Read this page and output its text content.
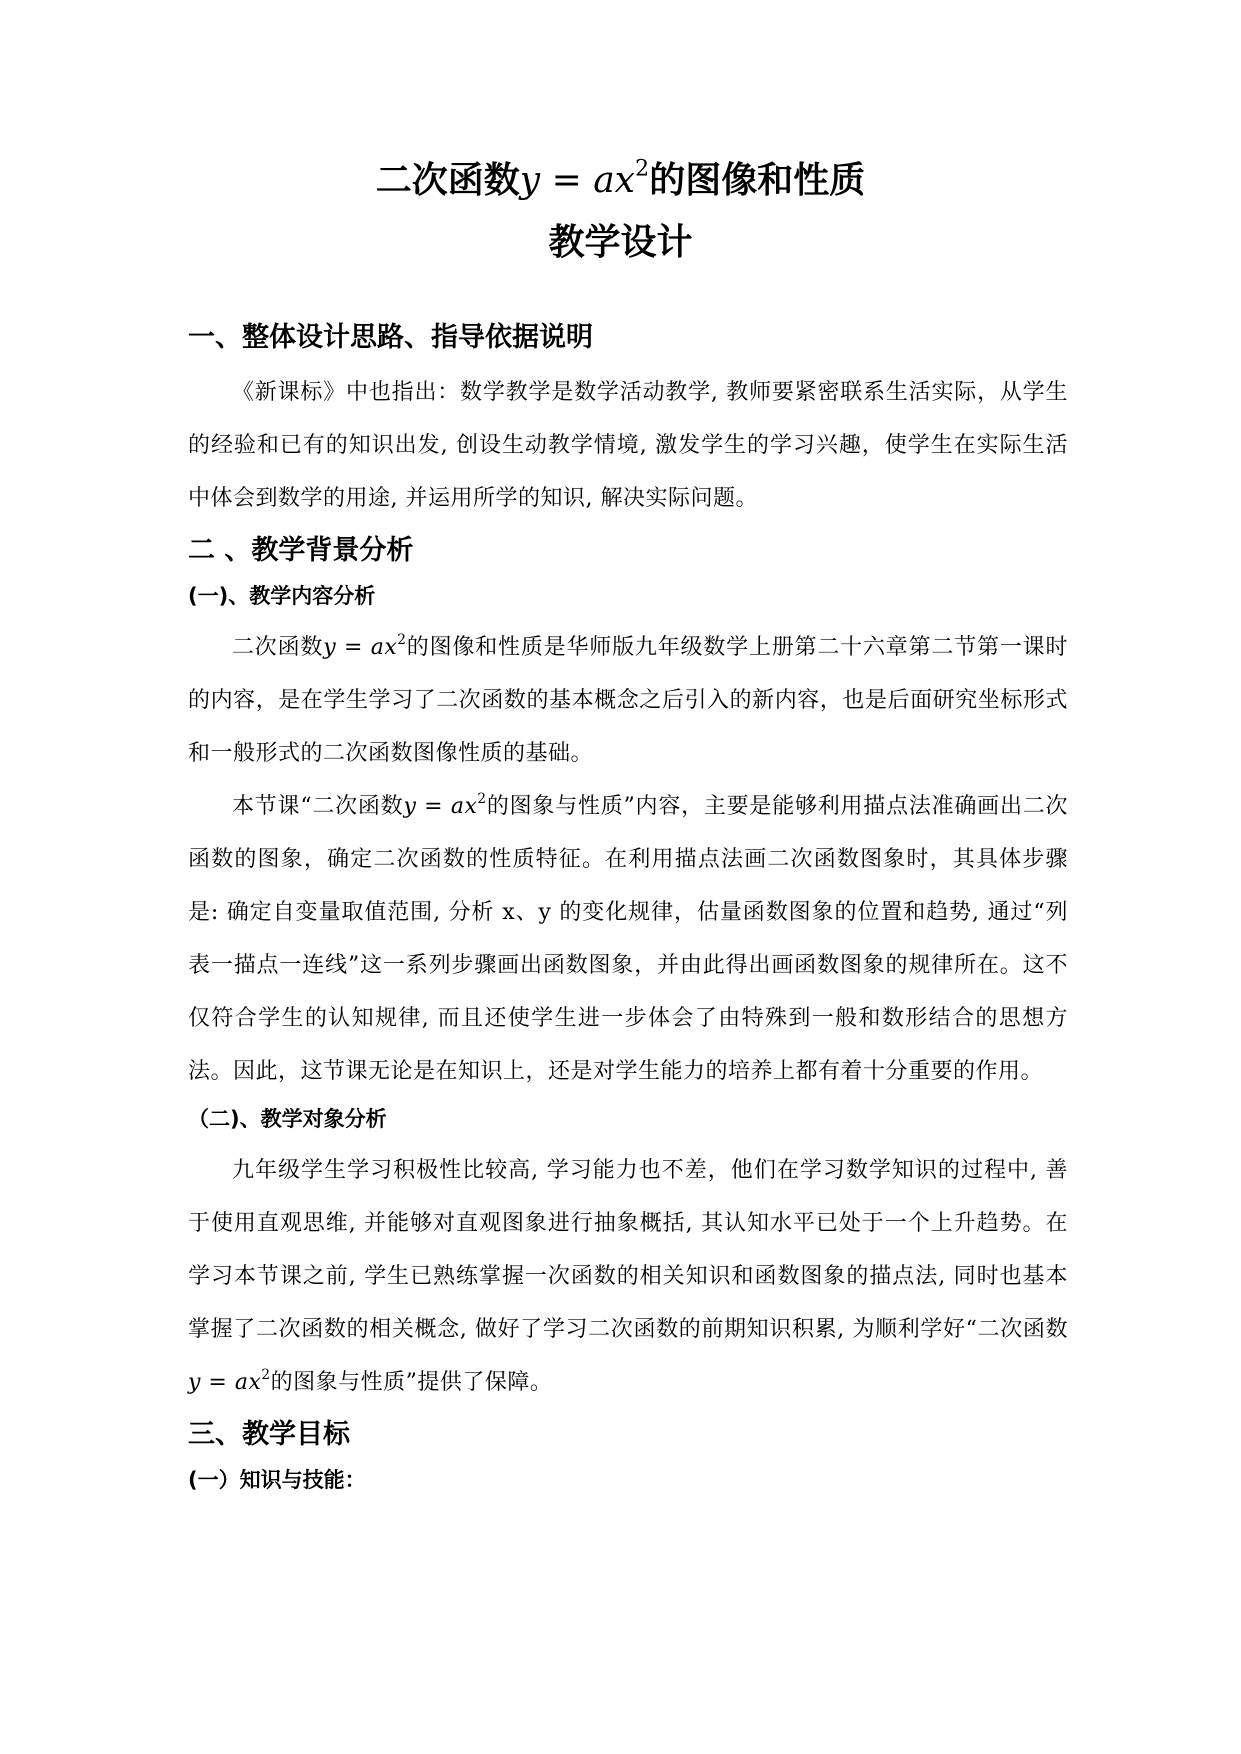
二次函数$y = ax^2$的图像和性质
教学设计
一、整体设计思路、指导依据说明

《新课标》中也指出：数学教学是数学活动教学, 教师要紧密联系生活实际，从学生的经验和已有的知识出发, 创设生动教学情境, 激发学生的学习兴趣，使学生在实际生活中体会到数学的用途, 并运用所学的知识, 解决实际问题。

二 、教学背景分析
(一)、教学内容分析

二次函数$y = ax^2$的图像和性质是华师版九年级数学上册第二十六章第二节第一课时的内容，是在学生学习了二次函数的基本概念之后引入的新内容，也是后面研究坐标形式和一般形式的二次函数图像性质的基础。

本节课“二次函数$y = ax^2$的图象与性质”内容，主要是能够利用描点法准确画出二次函数的图象，确定二次函数的性质特征。在利用描点法画二次函数图象时，其具体步骤是: 确定自变量取值范围, 分析 x、y 的变化规律，估量函数图象的位置和趋势, 通过“列表一描点一连线”这一系列步骤画出函数图象，并由此得出画函数图象的规律所在。这不仅符合学生的认知规律, 而且还使学生进一步体会了由特殊到一般和数形结合的思想方法。因此，这节课无论是在知识上，还是对学生能力的培养上都有着十分重要的作用。

（二)、教学对象分析

九年级学生学习积极性比较高, 学习能力也不差，他们在学习数学知识的过程中, 善于使用直观思维, 并能够对直观图象进行抽象概括, 其认知水平已处于一个上升趋势。在学习本节课之前, 学生已熟练掌握一次函数的相关知识和函数图象的描点法, 同时也基本掌握了二次函数的相关概念, 做好了学习二次函数的前期知识积累, 为顺利学好“二次函数$y = ax^2$的图象与性质”提供了保障。

三、教学目标
(一）知识与技能：
